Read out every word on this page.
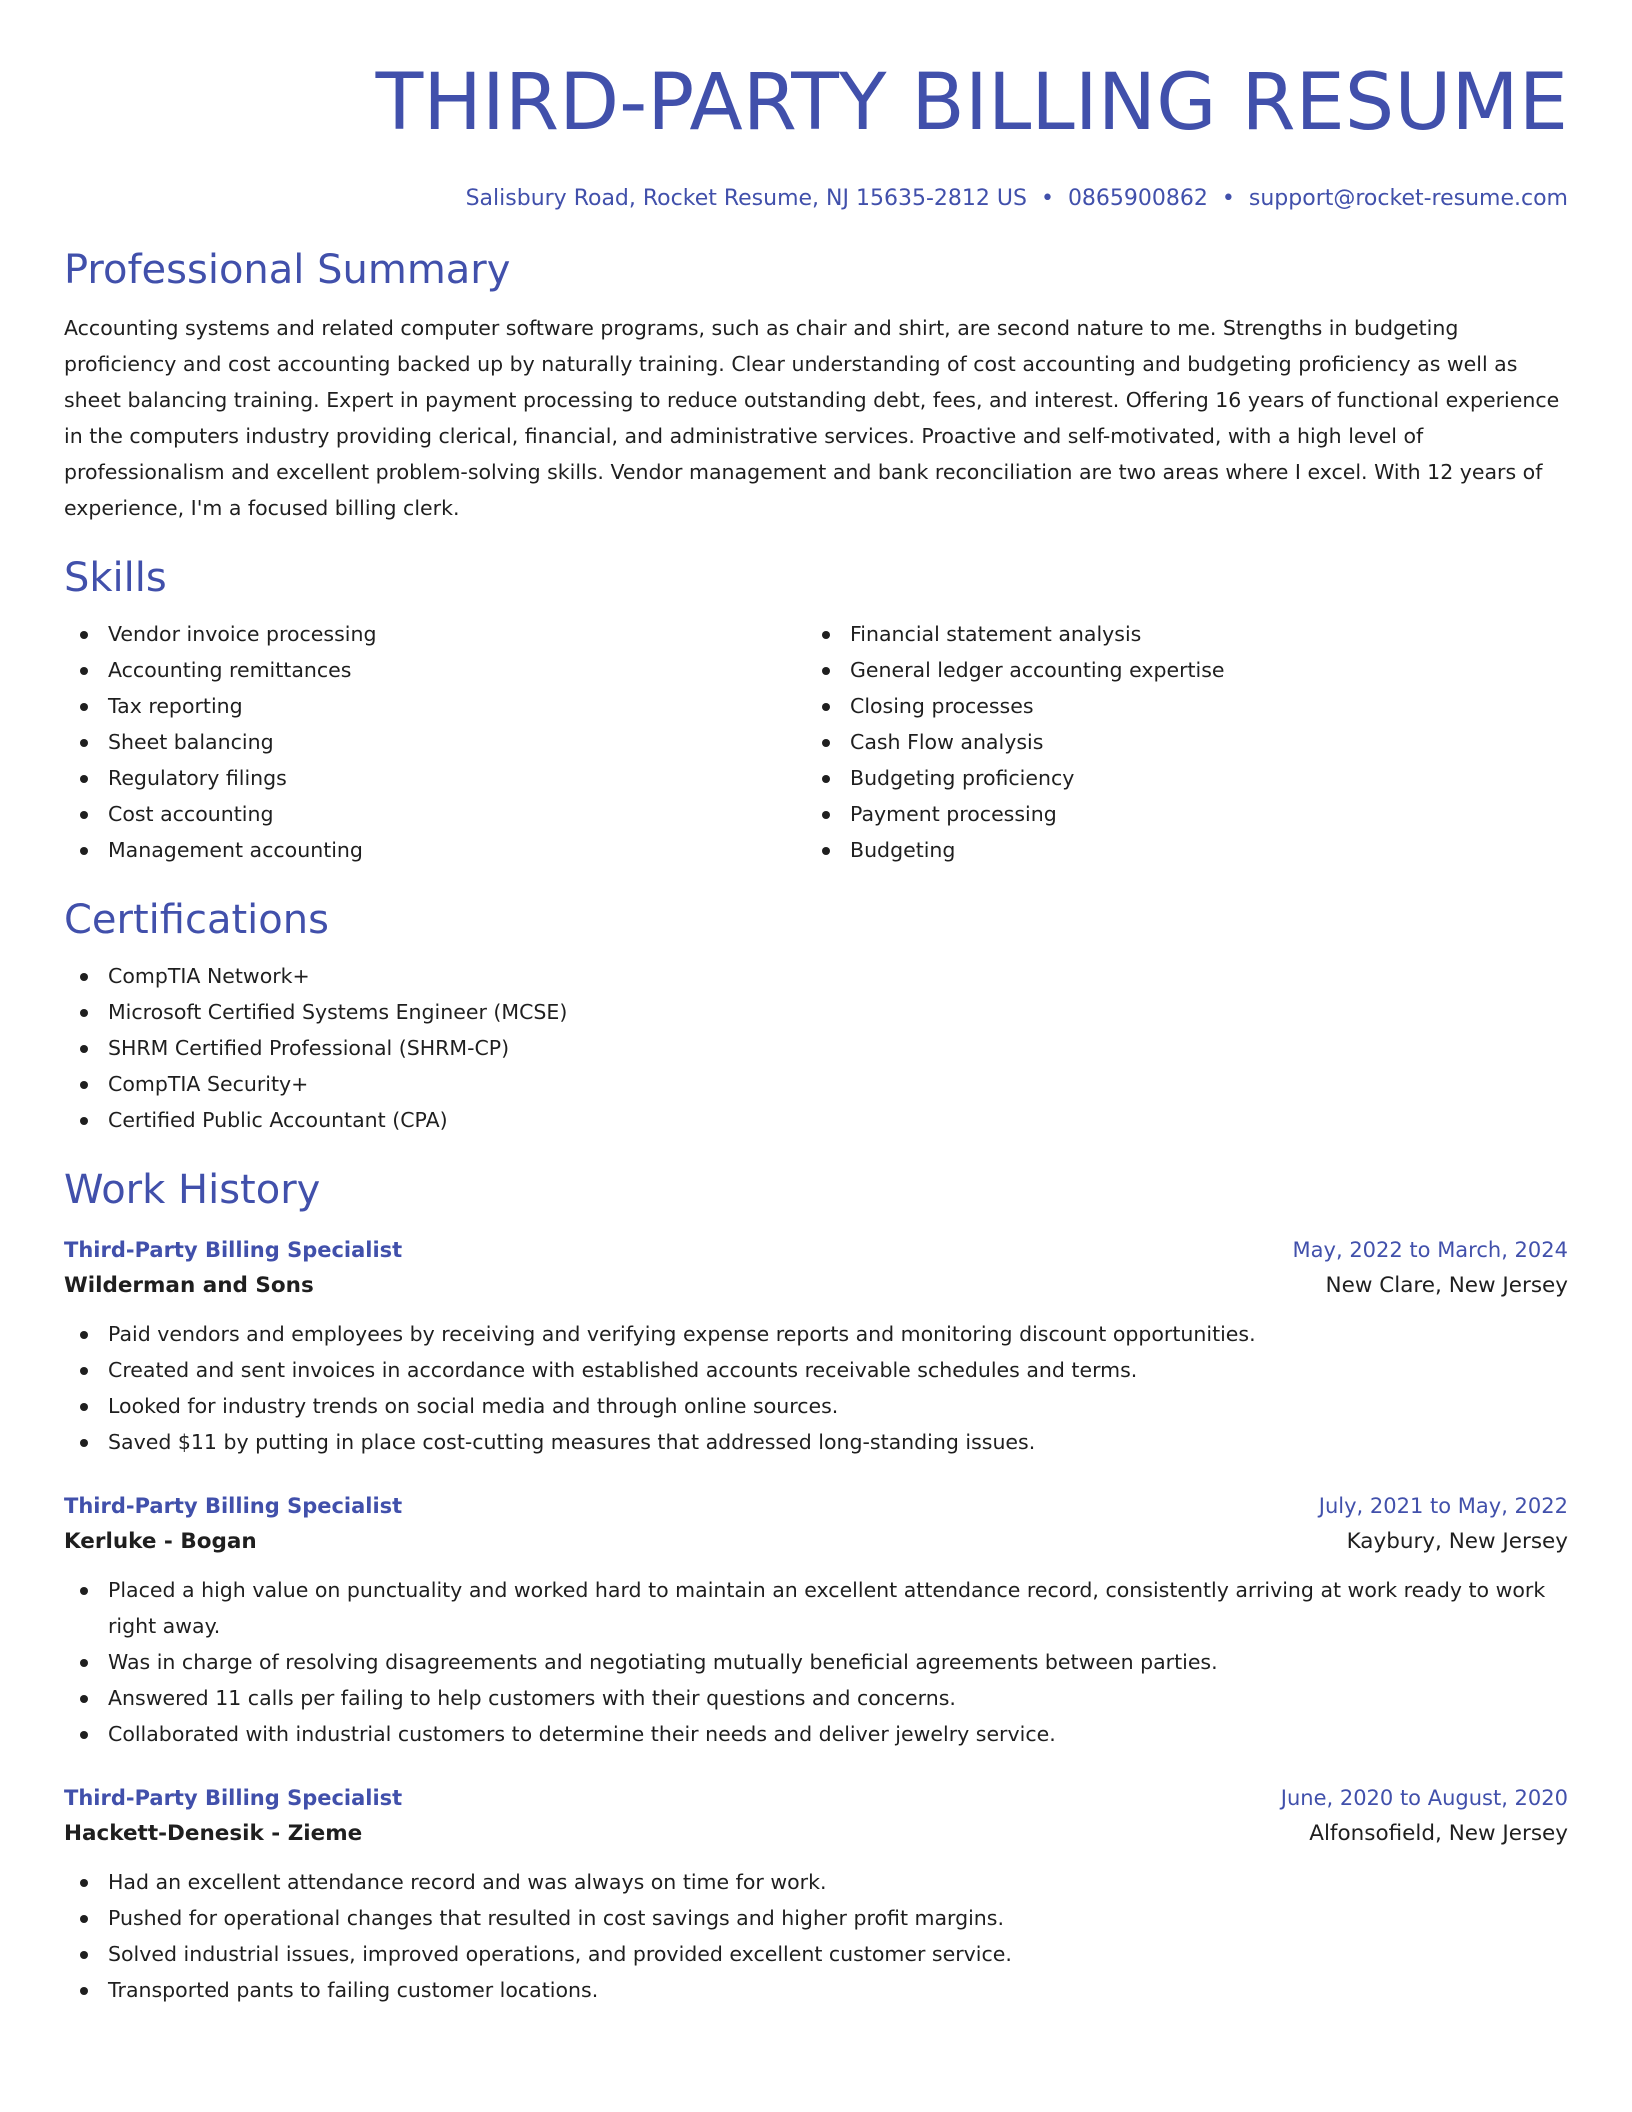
THIRD-PARTY BILLING RESUME
Salisbury Road, Rocket Resume, NJ 15635-2812 US • 0865900862 • support@rocket-resume.com
Professional Summary

Accounting systems and related computer software programs, such as chair and shirt, are second nature to me. Strengths in budgeting proficiency and cost accounting backed up by naturally training. Clear understanding of cost accounting and budgeting proficiency as well as sheet balancing training. Expert in payment processing to reduce outstanding debt, fees, and interest. Offering 16 years of functional experience in the computers industry providing clerical, financial, and administrative services. Proactive and self-motivated, with a high level of professionalism and excellent problem-solving skills. Vendor management and bank reconciliation are two areas where I excel. With 12 years of experience, I'm a focused billing clerk.

Skills
Vendor invoice processing
Accounting remittances
Tax reporting
Sheet balancing
Regulatory filings
Cost accounting
Management accounting
Financial statement analysis
General ledger accounting expertise
Closing processes
Cash Flow analysis
Budgeting proficiency
Payment processing
Budgeting
Certifications
CompTIA Network+
Microsoft Certified Systems Engineer (MCSE)
SHRM Certified Professional (SHRM-CP)
CompTIA Security+
Certified Public Accountant (CPA)
Work History
Third-Party Billing Specialist	May, 2022 to March, 2024
Wilderman and Sons	New Clare, New Jersey
Paid vendors and employees by receiving and verifying expense reports and monitoring discount opportunities.
Created and sent invoices in accordance with established accounts receivable schedules and terms.
Looked for industry trends on social media and through online sources.
Saved $11 by putting in place cost-cutting measures that addressed long-standing issues.
Third-Party Billing Specialist	July, 2021 to May, 2022
Kerluke - Bogan	Kaybury, New Jersey
Placed a high value on punctuality and worked hard to maintain an excellent attendance record, consistently arriving at work ready to work right away.
Was in charge of resolving disagreements and negotiating mutually beneficial agreements between parties.
Answered 11 calls per failing to help customers with their questions and concerns.
Collaborated with industrial customers to determine their needs and deliver jewelry service.
Third-Party Billing Specialist	June, 2020 to August, 2020
Hackett-Denesik - Zieme	Alfonsofield, New Jersey
Had an excellent attendance record and was always on time for work.
Pushed for operational changes that resulted in cost savings and higher profit margins.
Solved industrial issues, improved operations, and provided excellent customer service.
Transported pants to failing customer locations.
